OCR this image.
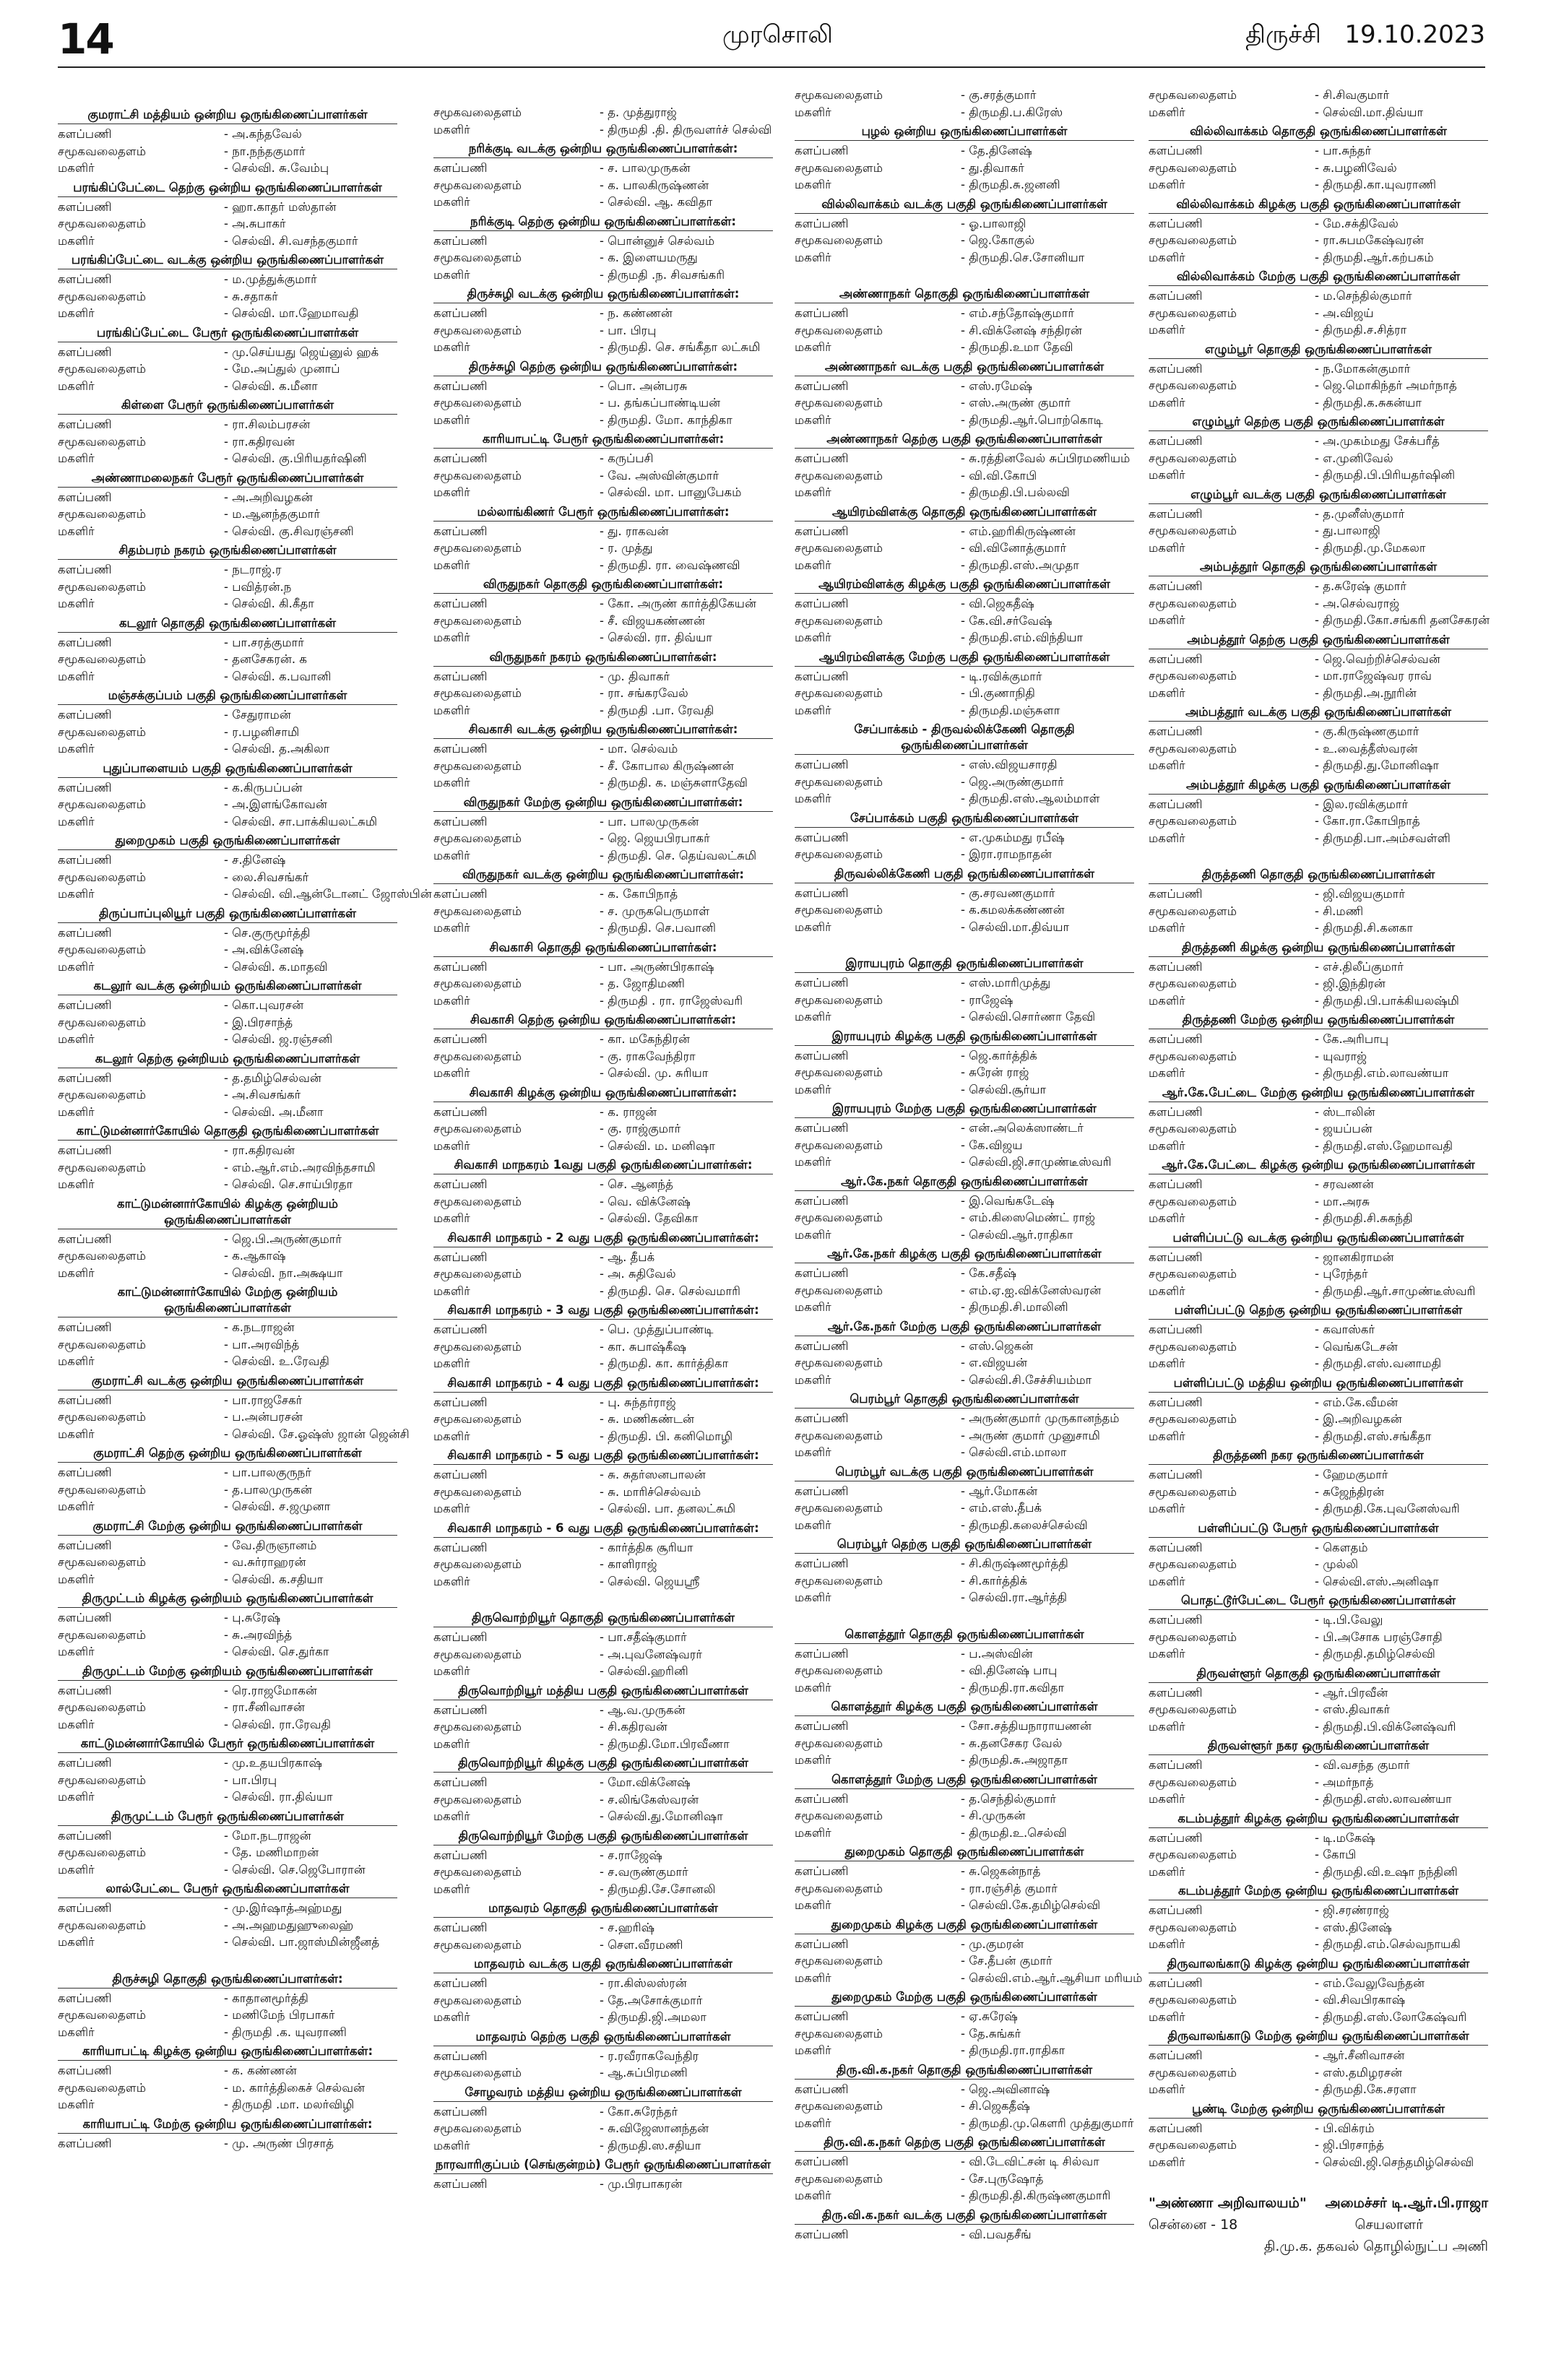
14	முரசொலி	திருச்சி 19.10.2023
குமராட்சி மத்தியம் ஒன்றிய ஒருங்கிணைப்பாளர்கள்
களப்பணி	- அ.கந்தவேல்
சமூகவலைதளம்	- நா.நந்தகுமார்
மகளிர்	- செல்வி. சு.வேம்பு
பரங்கிப்பேட்டை தெற்கு ஒன்றிய ஒருங்கிணைப்பாளர்கள்
களப்பணி	- ஹா.காதர் மஸ்தான்
சமூகவலைதளம்	- அ.சுபாகர்
மகளிர்	- செல்வி. சி.வசந்தகுமார்
பரங்கிப்பேட்டை வடக்கு ஒன்றிய ஒருங்கிணைப்பாளர்கள்
களப்பணி	- ம.முத்துக்குமார்
சமூகவலைதளம்	- சு.சதாகர்
மகளிர்	- செல்வி. மா.ஹேமாவதி
பரங்கிப்பேட்டை பேரூர் ஒருங்கிணைப்பாளர்கள்
களப்பணி	- மு.செய்யது ஜெய்னுல் ஹக்
சமூகவலைதளம்	- மே.அப்துல் முனாப்
மகளிர்	- செல்வி. க.மீனா
கிள்ளை பேரூர் ஒருங்கிணைப்பாளர்கள்
களப்பணி	- ரா.சிலம்பரசன்
சமூகவலைதளம்	- ரா.கதிரவன்
மகளிர்	- செல்வி. கு.பிரியதர்ஷினி
அண்ணாமலைநகர் பேரூர் ஒருங்கிணைப்பாளர்கள்
களப்பணி	- அ.அறிவழகன்
சமூகவலைதளம்	- ம.ஆனந்தகுமார்
மகளிர்	- செல்வி. கு.சிவரஞ்சனி
சிதம்பரம் நகரம் ஒருங்கிணைப்பாளர்கள்
களப்பணி	- நடராஜ்.ர
சமூகவலைதளம்	- பவித்ரன்.ந
மகளிர்	- செல்வி. கி.கீதா
கடலூர் தொகுதி ஒருங்கிணைப்பாளர்கள்
களப்பணி	- பா.சரத்குமார்
சமூகவலைதளம்	- தனசேகரன். க
மகளிர்	- செல்வி. க.பவானி
மஞ்சக்குப்பம் பகுதி ஒருங்கிணைப்பாளர்கள்
களப்பணி	- சேதுராமன்
சமூகவலைதளம்	- ர.பழனிசாமி
மகளிர்	- செல்வி. த.அகிலா
புதுப்பாளையம் பகுதி ஒருங்கிணைப்பாளர்கள்
களப்பணி	- க.கிருபப்பன்
சமூகவலைதளம்	- அ.இளங்கோவன்
மகளிர்	- செல்வி. சா.பாக்கியலட்சுமி
துறைமுகம் பகுதி ஒருங்கிணைப்பாளர்கள்
களப்பணி	- ச.தினேஷ்
சமூகவலைதளம்	- லை.சிவசங்கர்
மகளிர்	- செல்வி. வி.ஆன்டோனட் ஜோஸ்பின்
திருப்பாப்புலியூர் பகுதி ஒருங்கிணைப்பாளர்கள்
களப்பணி	- செ.குருமூர்த்தி
சமூகவலைதளம்	- அ.விக்னேஷ்
மகளிர்	- செல்வி. க.மாதவி
கடலூர் வடக்கு ஒன்றியம் ஒருங்கிணைப்பாளர்கள்
களப்பணி	- கொ.புவரசன்
சமூகவலைதளம்	- இ.பிரசாந்த்
மகளிர்	- செல்வி. ஜ.ரஞ்சனி
கடலூர் தெற்கு ஒன்றியம் ஒருங்கிணைப்பாளர்கள்
களப்பணி	- த.தமிழ்செல்வன்
சமூகவலைதளம்	- அ.சிவசங்கர்
மகளிர்	- செல்வி. அ.மீனா
காட்டுமன்னார்கோயில் தொகுதி ஒருங்கிணைப்பாளர்கள்
களப்பணி	- ரா.கதிரவன்
சமூகவலைதளம்	- எம்.ஆர்.எம்.அரவிந்தசாமி
மகளிர்	- செல்வி. செ.சாய்பிரதா
காட்டுமன்னார்கோயில் கிழக்கு ஒன்றியம் ஒருங்கிணைப்பாளர்கள்
களப்பணி	- ஜெ.பி.அருண்குமார்
சமூகவலைதளம்	- க.ஆகாஷ்
மகளிர்	- செல்வி. நா.அக்ஷயா
காட்டுமன்னார்கோயில் மேற்கு ஒன்றியம் ஒருங்கிணைப்பாளர்கள்
களப்பணி	- க.நடராஜன்
சமூகவலைதளம்	- பா.அரவிந்த்
மகளிர்	- செல்வி. உ.ரேவதி
குமராட்சி வடக்கு ஒன்றிய ஒருங்கிணைப்பாளர்கள்
களப்பணி	- பா.ராஜசேகர்
சமூகவலைதளம்	- ப.அன்பரசன்
மகளிர்	- செல்வி. சே.ஓஷ்ஸ் ஜான் ஜென்சி
குமராட்சி தெற்கு ஒன்றிய ஒருங்கிணைப்பாளர்கள்
களப்பணி	- பா.பாலகுருநர்
சமூகவலைதளம்	- த.பாலமுருகன்
மகளிர்	- செல்வி. ச.ஜமுனா
குமராட்சி மேற்கு ஒன்றிய ஒருங்கிணைப்பாளர்கள்
களப்பணி	- வே.திருஞானம்
சமூகவலைதளம்	- வ.சுர்ராஹரன்
மகளிர்	- செல்வி. க.சதியா
திருமுட்டம் கிழக்கு ஒன்றியம் ஒருங்கிணைப்பாளர்கள்
களப்பணி	- பு.சுரேஷ்
சமூகவலைதளம்	- சு.அரவிந்த்
மகளிர்	- செல்வி. செ.துர்கா
திருமுட்டம் மேற்கு ஒன்றியம் ஒருங்கிணைப்பாளர்கள்
களப்பணி	- ரெ.ராஜமோகன்
சமூகவலைதளம்	- ரா.சீனிவாசன்
மகளிர்	- செல்வி. ரா.ரேவதி
காட்டுமன்னார்கோயில் பேரூர் ஒருங்கிணைப்பாளர்கள்
களப்பணி	- மு.உதயபிரகாஷ்
சமூகவலைதளம்	- பா.பிரபு
மகளிர்	- செல்வி. ரா.திவ்யா
திருமுட்டம் பேரூர் ஒருங்கிணைப்பாளர்கள்
களப்பணி	- மோ.நடராஜன்
சமூகவலைதளம்	- தே. மணிமாறன்
மகளிர்	- செல்வி. செ.ஜெபோரான்
லால்பேட்டை பேரூர் ஒருங்கிணைப்பாளர்கள்
களப்பணி	- மு.இர்ஷாத்அஹ்மது
சமூகவலைதளம்	- அ.அஹமதுஹுலைஹ்
மகளிர்	- செல்வி. பா.ஜாஸ்மின்ஜீனத்
திருச்சுழி தொகுதி ஒருங்கிணைப்பாளர்கள்:
களப்பணி	- காதானமூர்த்தி
சமூகவலைதளம்	- மணிமேந் பிரபாகர்
மகளிர்	- திருமதி .க. யுவராணி
காரியாபட்டி கிழக்கு ஒன்றிய ஒருங்கிணைப்பாளர்கள்:
களப்பணி	- க. கண்ணன்
சமூகவலைதளம்	- ம. கார்த்திகைச் செல்வன்
மகளிர்	- திருமதி .மா. மலர்விழி
காரியாபட்டி மேற்கு ஒன்றிய ஒருங்கிணைப்பாளர்கள்:
களப்பணி	- மு. அருண் பிரசாத்
சமூகவலைதளம்	- த. முத்துராஜ்
மகளிர்	- திருமதி .தி. திருவளர்ச் செல்வி
நரிக்குடி வடக்கு ஒன்றிய ஒருங்கிணைப்பாளர்கள்:
களப்பணி	- ச. பாலமுருகன்
சமூகவலைதளம்	- க. பாலகிருஷ்ணன்
மகளிர்	- செல்வி. ஆ. கவிதா
நரிக்குடி தெற்கு ஒன்றிய ஒருங்கிணைப்பாளர்கள்:
களப்பணி	- பொன்னுச் செல்வம்
சமூகவலைதளம்	- க. இளையமருது
மகளிர்	- திருமதி .ந. சிவசங்கரி
திருச்சுழி வடக்கு ஒன்றிய ஒருங்கிணைப்பாளர்கள்:
களப்பணி	- ந. கண்ணன்
சமூகவலைதளம்	- பா. பிரபு
மகளிர்	- திருமதி. செ. சங்கீதா லட்சுமி
திருச்சுழி தெற்கு ஒன்றிய ஒருங்கிணைப்பாளர்கள்:
களப்பணி	- பொ. அன்பரசு
சமூகவலைதளம்	- ப. தங்கப்பாண்டியன்
மகளிர்	- திருமதி. மோ. காந்திகா
காரியாபட்டி பேரூர் ஒருங்கிணைப்பாளர்கள்:
களப்பணி	- கருப்பசி
சமூகவலைதளம்	- வே. அஸ்வின்குமார்
மகளிர்	- செல்வி. மா. பானுபேகம்
மல்லாங்கிணர் பேரூர் ஒருங்கிணைப்பாளர்கள்:
களப்பணி	- து. ராகவன்
சமூகவலைதளம்	- ர. முத்து
மகளிர்	- திருமதி. ரா. வைஷ்ணவி
விருதுநகர் தொகுதி ஒருங்கிணைப்பாளர்கள்:
களப்பணி	- கோ. அருண் கார்த்திகேயன்
சமூகவலைதளம்	- சீ. விஜயகண்ணன்
மகளிர்	- செல்வி. ரா. திவ்யா
விருதுநகர் நகரம் ஒருங்கிணைப்பாளர்கள்:
களப்பணி	- மு. திவாகர்
சமூகவலைதளம்	- ரா. சங்கரவேல்
மகளிர்	- திருமதி .பா. ரேவதி
சிவகாசி வடக்கு ஒன்றிய ஒருங்கிணைப்பாளர்கள்:
களப்பணி	- மா. செல்வம்
சமூகவலைதளம்	- சீ. கோபால கிருஷ்ணன்
மகளிர்	- திருமதி. க. மஞ்சுளாதேவி
விருதுநகர் மேற்கு ஒன்றிய ஒருங்கிணைப்பாளர்கள்:
களப்பணி	- பா. பாலமுருகன்
சமூகவலைதளம்	- ஜெ. ஜெயபிரபாகர்
மகளிர்	- திருமதி. செ. தெய்வலட்சுமி
விருதுநகர் வடக்கு ஒன்றிய ஒருங்கிணைப்பாளர்கள்:
களப்பணி	- க. கோபிநாத்
சமூகவலைதளம்	- ச. முருகபெருமாள்
மகளிர்	- திருமதி. செ.பவானி
சிவகாசி தொகுதி ஒருங்கிணைப்பாளர்கள்:
களப்பணி	- பா. அருண்பிரகாஷ்
சமூகவலைதளம்	- த. ஜோதிமணி
மகளிர்	- திருமதி . ரா. ராஜேஸ்வரி
சிவகாசி தெற்கு ஒன்றிய ஒருங்கிணைப்பாளர்கள்:
களப்பணி	- கா. மகேந்திரன்
சமூகவலைதளம்	- கு. ராகவேந்திரா
மகளிர்	- செல்வி. மு. சுரியா
சிவகாசி கிழக்கு ஒன்றிய ஒருங்கிணைப்பாளர்கள்:
களப்பணி	- க. ராஜன்
சமூகவலைதளம்	- கு. ராஜ்குமார்
மகளிர்	- செல்வி. ம. மனிஷா
சிவகாசி மாநகரம் 1வது பகுதி ஒருங்கிணைப்பாளர்கள்:
களப்பணி	- செ. ஆனந்த்
சமூகவலைதளம்	- வெ. விக்னேஷ்
மகளிர்	- செல்வி. தேவிகா
சிவகாசி மாநகரம் - 2 வது பகுதி ஒருங்கிணைப்பாளர்கள்:
களப்பணி	- ஆ. தீபக்
சமூகவலைதளம்	- அ. சுதிவேல்
மகளிர்	- திருமதி. செ. செல்வமாரி
சிவகாசி மாநகரம் - 3 வது பகுதி ஒருங்கிணைப்பாளர்கள்:
களப்பணி	- பெ. முத்துப்பாண்டி
சமூகவலைதளம்	- கா. சுபாஷ்கீஷ
மகளிர்	- திருமதி. கா. கார்த்திகா
சிவகாசி மாநகரம் - 4 வது பகுதி ஒருங்கிணைப்பாளர்கள்:
களப்பணி	- பு. சுந்தர்ராஜ்
சமூகவலைதளம்	- சு. மணிகண்டன்
மகளிர்	- திருமதி. பி. கனிமொழி
சிவகாசி மாநகரம் - 5 வது பகுதி ஒருங்கிணைப்பாளர்கள்:
களப்பணி	- சு. சுதர்ஸனபாலன்
சமூகவலைதளம்	- சு. மாரிச்செல்வம்
மகளிர்	- செல்வி. பா. தனலட்சுமி
சிவகாசி மாநகரம் - 6 வது பகுதி ஒருங்கிணைப்பாளர்கள்:
களப்பணி	- கார்த்திக சூரியா
சமூகவலைதளம்	- காளிராஜ்
மகளிர்	- செல்வி. ஜெயஸ்ரீ
திருவொற்றியூர் தொகுதி ஒருங்கிணைப்பாளர்கள்
களப்பணி	- பா.சதீஷ்குமார்
சமூகவலைதளம்	- அ.புவனேஷ்வரர்
மகளிர்	- செல்வி.ஹரினி
திருவொற்றியூர் மத்திய பகுதி ஒருங்கிணைப்பாளர்கள்
களப்பணி	- ஆ.வ.முருகன்
சமூகவலைதளம்	- சி.கதிரவன்
மகளிர்	- திருமதி.மோ.பிரவீணா
திருவொற்றியூர் கிழக்கு பகுதி ஒருங்கிணைப்பாளர்கள்
களப்பணி	- மோ.விக்னேஷ்
சமூகவலைதளம்	- ச.லிங்கேஸ்வரன்
மகளிர்	- செல்வி.து.மோனிஷா
திருவொற்றியூர் மேற்கு பகுதி ஒருங்கிணைப்பாளர்கள்
களப்பணி	- ச.ராஜேஷ்
சமூகவலைதளம்	- ச.வருண்குமார்
மகளிர்	- திருமதி.சே.சோனலி
மாதவரம் தொகுதி ஒருங்கிணைப்பாளர்கள்
களப்பணி	- ச.ஹரிஷ்
சமூகவலைதளம்	- செள.வீரமணி
மாதவரம் வடக்கு பகுதி ஒருங்கிணைப்பாளர்கள்
களப்பணி	- ரா.கிஸ்லஸ்ரன்
சமூகவலைதளம்	- தே.அசோக்குமார்
மகளிர்	- திருமதி.ஜி.அமலா
மாதவரம் தெற்கு பகுதி ஒருங்கிணைப்பாளர்கள்
களப்பணி	- ர.ரவீராகவேந்திர
சமூகவலைதளம்	- ஆ.சுப்பிரமணி
சோழவரம் மத்திய ஒன்றிய ஒருங்கிணைப்பாளர்கள்
களப்பணி	- கோ.சுரேந்தர்
சமூகவலைதளம்	- சு.விஜேஸானந்தன்
மகளிர்	- திருமதி.ஸ.சதியா
நாரவாரிகுப்பம் (செங்குன்றம்) பேரூர் ஒருங்கிணைப்பாளர்கள்
களப்பணி	- மு.பிரபாகரன்
சமூகவலைதளம்	- கு.சரத்குமார்
மகளிர்	- திருமதி.ப.கிரேஸ்
புழல் ஒன்றிய ஒருங்கிணைப்பாளர்கள்
களப்பணி	- தே.தினேஷ்
சமூகவலைதளம்	- து.திவாகர்
மகளிர்	- திருமதி.சு.ஜனனி
வில்லிவாக்கம் வடக்கு பகுதி ஒருங்கிணைப்பாளர்கள்
களப்பணி	- ஓ.பாலாஜி
சமூகவலைதளம்	- ஜெ.கோகுல்
மகளிர்	- திருமதி.செ.சோனியா
அண்ணாநகர் தொகுதி ஒருங்கிணைப்பாளர்கள்
களப்பணி	- எம்.சந்தோஷ்குமார்
சமூகவலைதளம்	- சி.விக்னேஷ் சந்திரன்
மகளிர்	- திருமதி.உமா தேவி
அண்ணாநகர் வடக்கு பகுதி ஒருங்கிணைப்பாளர்கள்
களப்பணி	- எஸ்.ரமேஷ்
சமூகவலைதளம்	- எஸ்.அருண் குமார்
மகளிர்	- திருமதி.ஆர்.பொற்கொடி
அண்ணாநகர் தெற்கு பகுதி ஒருங்கிணைப்பாளர்கள்
களப்பணி	- சு.ரத்தினவேல் சுப்பிரமணியம்
சமூகவலைதளம்	- வி.வி.கோபி
மகளிர்	- திருமதி.பி.பல்லவி
ஆயிரம்விளக்கு தொகுதி ஒருங்கிணைப்பாளர்கள்
களப்பணி	- எம்.ஹரிகிருஷ்ணன்
சமூகவலைதளம்	- வி.வினோத்குமார்
மகளிர்	- திருமதி.எஸ்.அமுதா
ஆயிரம்விளக்கு கிழக்கு பகுதி ஒருங்கிணைப்பாளர்கள்
களப்பணி	- வி.ஜெகதீஷ்
சமூகவலைதளம்	- கே.வி.சர்வேஷ்
மகளிர்	- திருமதி.எம்.விந்தியா
ஆயிரம்விளக்கு மேற்கு பகுதி ஒருங்கிணைப்பாளர்கள்
களப்பணி	- டி.ரவிக்குமார்
சமூகவலைதளம்	- பி.குணாநிதி
மகளிர்	- திருமதி.மஞ்சுளா
சேப்பாக்கம் - திருவல்லிக்கேணி தொகுதி ஒருங்கிணைப்பாளர்கள்
களப்பணி	- எஸ்.விஜயசாரதி
சமூகவலைதளம்	- ஜெ.அருண்குமார்
மகளிர்	- திருமதி.எஸ்.ஆலம்மாள்
சேப்பாக்கம் பகுதி ஒருங்கிணைப்பாளர்கள்
களப்பணி	- எ.முகம்மது ரபீஷ்
சமூகவலைதளம்	- இரா.ராமநாதன்
திருவல்லிக்கேணி பகுதி ஒருங்கிணைப்பாளர்கள்
களப்பணி	- கு.சரவணகுமார்
சமூகவலைதளம்	- க.கமலக்கண்ணன்
மகளிர்	- செல்வி.மா.திவ்யா
இராயபுரம் தொகுதி ஒருங்கிணைப்பாளர்கள்
களப்பணி	- எஸ்.மாரிமுத்து
சமூகவலைதளம்	- ராஜேஷ்
மகளிர்	- செல்வி.சொர்ணா தேவி
இராயபுரம் கிழக்கு பகுதி ஒருங்கிணைப்பாளர்கள்
களப்பணி	- ஜெ.கார்த்திக்
சமூகவலைதளம்	- சுரேன் ராஜ்
மகளிர்	- செல்வி.சூர்யா
இராயபுரம் மேற்கு பகுதி ஒருங்கிணைப்பாளர்கள்
களப்பணி	- என்.அலெக்ஸாண்டர்
சமூகவலைதளம்	- கே.விஜய
மகளிர்	- செல்வி.ஜி.சாமுண்டீஸ்வரி
ஆர்.கே.நகர் தொகுதி ஒருங்கிணைப்பாளர்கள்
களப்பணி	- இ.வெங்கடேஷ்
சமூகவலைதளம்	- எம்.கிஸைமெண்ட் ராஜ்
மகளிர்	- செல்வி.ஆர்.ராதிகா
ஆர்.கே.நகர் கிழக்கு பகுதி ஒருங்கிணைப்பாளர்கள்
களப்பணி	- கே.சதீஷ்
சமூகவலைதளம்	- எம்.ஏ.ஐ.விக்னேஸ்வரன்
மகளிர்	- திருமதி.சி.மாலினி
ஆர்.கே.நகர் மேற்கு பகுதி ஒருங்கிணைப்பாளர்கள்
களப்பணி	- எஸ்.ஜெகன்
சமூகவலைதளம்	- எ.விஜயன்
மகளிர்	- செல்வி.சி.சேச்சியம்மா
பெரம்பூர் தொகுதி ஒருங்கிணைப்பாளர்கள்
களப்பணி	- அருண்குமார் முருகானந்தம்
சமூகவலைதளம்	- அருண் குமார் முனுசாமி
மகளிர்	- செல்வி.எம்.மாலா
பெரம்பூர் வடக்கு பகுதி ஒருங்கிணைப்பாளர்கள்
களப்பணி	- ஆர்.மோகன்
சமூகவலைதளம்	- எம்.எஸ்.தீபக்
மகளிர்	- திருமதி.கலைச்செல்வி
பெரம்பூர் தெற்கு பகுதி ஒருங்கிணைப்பாளர்கள்
களப்பணி	- சி.கிருஷ்ணமூர்த்தி
சமூகவலைதளம்	- சி.கார்த்திக்
மகளிர்	- செல்வி.ரா.ஆர்த்தி
கொளத்தூர் தொகுதி ஒருங்கிணைப்பாளர்கள்
களப்பணி	- ப.அஸ்வின்
சமூகவலைதளம்	- வி.தினேஷ் பாபு
மகளிர்	- திருமதி.ரா.கவிதா
கொளத்தூர் கிழக்கு பகுதி ஒருங்கிணைப்பாளர்கள்
களப்பணி	- சோ.சத்தியநாராயணன்
சமூகவலைதளம்	- சு.தனசேகர வேல்
மகளிர்	- திருமதி.சு.அஜாதா
கொளத்தூர் மேற்கு பகுதி ஒருங்கிணைப்பாளர்கள்
களப்பணி	- த.செந்தில்குமார்
சமூகவலைதளம்	- சி.முருகன்
மகளிர்	- திருமதி.உ.செல்வி
துறைமுகம் தொகுதி ஒருங்கிணைப்பாளர்கள்
களப்பணி	- சு.ஜெகன்நாத்
சமூகவலைதளம்	- ரா.ரஞ்சித் குமார்
மகளிர்	- செல்வி.கே.தமிழ்செல்வி
துறைமுகம் கிழக்கு பகுதி ஒருங்கிணைப்பாளர்கள்
களப்பணி	- மு.குமரன்
சமூகவலைதளம்	- சே.தீபன் குமார்
மகளிர்	- செல்வி.எம்.ஆர்.ஆசியா மரியம்
துறைமுகம் மேற்கு பகுதி ஒருங்கிணைப்பாளர்கள்
களப்பணி	- ஏ.சுரேஷ்
சமூகவலைதளம்	- தே.சுங்கர்
மகளிர்	- திருமதி.ரா.ராதிகா
திரு.வி.க.நகர் தொகுதி ஒருங்கிணைப்பாளர்கள்
களப்பணி	- ஜெ.அவினாஷ்
சமூகவலைதளம்	- சி.ஜெகதீஷ்
மகளிர்	- திருமதி.மு.கௌரி முத்துகுமார்
திரு.வி.க.நகர் தெற்கு பகுதி ஒருங்கிணைப்பாளர்கள்
களப்பணி	- வி.டேவிட்சன் டி சில்வா
சமூகவலைதளம்	- சே.புருஷோத்
மகளிர்	- திருமதி.தி.கிருஷ்ணகுமாரி
திரு.வி.க.நகர் வடக்கு பகுதி ஒருங்கிணைப்பாளர்கள்
களப்பணி	- வி.பவதசீங்
சமூகவலைதளம்	- சி.சிவகுமார்
மகளிர்	- செல்வி.மா.திவ்யா
வில்லிவாக்கம் தொகுதி ஒருங்கிணைப்பாளர்கள்
களப்பணி	- பா.சுந்தர்
சமூகவலைதளம்	- சு.பழனிவேல்
மகளிர்	- திருமதி.கா.யுவராணி
வில்லிவாக்கம் கிழக்கு பகுதி ஒருங்கிணைப்பாளர்கள்
களப்பணி	- மே.சக்திவேல்
சமூகவலைதளம்	- ரா.சுபமகேஷ்வரன்
மகளிர்	- திருமதி.ஆர்.கற்பகம்
வில்லிவாக்கம் மேற்கு பகுதி ஒருங்கிணைப்பாளர்கள்
களப்பணி	- ம.செந்தில்குமார்
சமூகவலைதளம்	- அ.விஜய்
மகளிர்	- திருமதி.ச.சித்ரா
எழும்பூர் தொகுதி ஒருங்கிணைப்பாளர்கள்
களப்பணி	- ந.மோகன்குமார்
சமூகவலைதளம்	- ஜெ.மொகிந்தர் அமர்நாத்
மகளிர்	- திருமதி.க.சுகன்யா
எழும்பூர் தெற்கு பகுதி ஒருங்கிணைப்பாளர்கள்
களப்பணி	- அ.முகம்மது சேக்பரீத்
சமூகவலைதளம்	- எ.முனிவேல்
மகளிர்	- திருமதி.பி.பிரியதர்ஷினி
எழும்பூர் வடக்கு பகுதி ஒருங்கிணைப்பாளர்கள்
களப்பணி	- த.முனீஸ்குமார்
சமூகவலைதளம்	- து.பாலாஜி
மகளிர்	- திருமதி.மு.மேகலா
அம்பத்தூர் தொகுதி ஒருங்கிணைப்பாளர்கள்
களப்பணி	- த.சுரேஷ் குமார்
சமூகவலைதளம்	- அ.செல்வராஜ்
மகளிர்	- திருமதி.கோ.சங்கரி தனசேகரன்
அம்பத்தூர் தெற்கு பகுதி ஒருங்கிணைப்பாளர்கள்
களப்பணி	- ஜெ.வெற்றிச்செல்வன்
சமூகவலைதளம்	- மா.ராஜேஷ்வர ராவ்
மகளிர்	- திருமதி.அ.நூரின்
அம்பத்தூர் வடக்கு பகுதி ஒருங்கிணைப்பாளர்கள்
களப்பணி	- கு.கிருஷ்ணகுமார்
சமூகவலைதளம்	- உ.வைத்தீஸ்வரன்
மகளிர்	- திருமதி.து.மோனிஷா
அம்பத்தூர் கிழக்கு பகுதி ஒருங்கிணைப்பாளர்கள்
களப்பணி	- இல.ரவிக்குமார்
சமூகவலைதளம்	- கோ.ரா.கோபிநாத்
மகளிர்	- திருமதி.பா.அம்சவள்ளி
திருத்தணி தொகுதி ஒருங்கிணைப்பாளர்கள்
களப்பணி	- ஜி.விஜயகுமார்
சமூகவலைதளம்	- சி.மணி
மகளிர்	- திருமதி.சி.கனகா
திருத்தணி கிழக்கு ஒன்றிய ஒருங்கிணைப்பாளர்கள்
களப்பணி	- எச்.திலீப்குமார்
சமூகவலைதளம்	- ஜி.இந்திரன்
மகளிர்	- திருமதி.பி.பாக்கியலஷ்மி
திருத்தணி மேற்கு ஒன்றிய ஒருங்கிணைப்பாளர்கள்
களப்பணி	- கே.அரிபாபு
சமூகவலைதளம்	- யுவராஜ்
மகளிர்	- திருமதி.எம்.லாவண்யா
ஆர்.கே.பேட்டை மேற்கு ஒன்றிய ஒருங்கிணைப்பாளர்கள்
களப்பணி	- ஸ்டாலின்
சமூகவலைதளம்	- ஜயப்பன்
மகளிர்	- திருமதி.எஸ்.ஹேமாவதி
ஆர்.கே.பேட்டை கிழக்கு ஒன்றிய ஒருங்கிணைப்பாளர்கள்
களப்பணி	- சரவணன்
சமூகவலைதளம்	- மா.அரசு
மகளிர்	- திருமதி.சி.சுகந்தி
பள்ளிப்பட்டு வடக்கு ஒன்றிய ஒருங்கிணைப்பாளர்கள்
களப்பணி	- ஜானகிராமன்
சமூகவலைதளம்	- புரேந்தர்
மகளிர்	- திருமதி.ஆர்.சாமுண்டீஸ்வரி
பள்ளிப்பட்டு தெற்கு ஒன்றிய ஒருங்கிணைப்பாளர்கள்
களப்பணி	- கவாஸ்கர்
சமூகவலைதளம்	- வெங்கடேசன்
மகளிர்	- திருமதி.எஸ்.வனாமதி
பள்ளிப்பட்டு மத்திய ஒன்றிய ஒருங்கிணைப்பாளர்கள்
களப்பணி	- எம்.கே.வீமன்
சமூகவலைதளம்	- இ.அறிவழகன்
மகளிர்	- திருமதி.எஸ்.சங்கீதா
திருத்தணி நகர ஒருங்கிணைப்பாளர்கள்
களப்பணி	- ஹேமகுமார்
சமூகவலைதளம்	- சுஜேந்திரன்
மகளிர்	- திருமதி.கே.புவனேஸ்வரி
பள்ளிப்பட்டு பேரூர் ஒருங்கிணைப்பாளர்கள்
களப்பணி	- கௌதம்
சமூகவலைதளம்	- முல்லி
மகளிர்	- செல்வி.எஸ்.அனிஷா
பொதட்டூர்பேட்டை பேரூர் ஒருங்கிணைப்பாளர்கள்
களப்பணி	- டி.பி.வேலு
சமூகவலைதளம்	- பி.அசோக பரஞ்சோதி
மகளிர்	- திருமதி.தமிழ்செல்வி
திருவள்ளூர் தொகுதி ஒருங்கிணைப்பாளர்கள்
களப்பணி	- ஆர்.பிரவீன்
சமூகவலைதளம்	- எஸ்.திவாகர்
மகளிர்	- திருமதி.பி.விக்னேஷ்வரி
திருவள்ளூர் நகர ஒருங்கிணைப்பாளர்கள்
களப்பணி	- வி.வசந்த குமார்
சமூகவலைதளம்	- அமர்நாத்
மகளிர்	- திருமதி.எஸ்.லாவண்யா
கடம்பத்தூர் கிழக்கு ஒன்றிய ஒருங்கிணைப்பாளர்கள்
களப்பணி	- டி.மகேஷ்
சமூகவலைதளம்	- கோபி
மகளிர்	- திருமதி.வி.உஷா நந்தினி
கடம்பத்தூர் மேற்கு ஒன்றிய ஒருங்கிணைப்பாளர்கள்
களப்பணி	- ஜி.சரண்ராஜ்
சமூகவலைதளம்	- எஸ்.தினேஷ்
மகளிர்	- திருமதி.எம்.செல்வநாயகி
திருவாலங்காடு கிழக்கு ஒன்றிய ஒருங்கிணைப்பாளர்கள்
களப்பணி	- எம்.வேலுவேந்தன்
சமூகவலைதளம்	- வி.சிவபிரகாஷ்
மகளிர்	- திருமதி.எஸ்.லோகேஷ்வரி
திருவாலங்காடு மேற்கு ஒன்றிய ஒருங்கிணைப்பாளர்கள்
களப்பணி	- ஆர்.சீனிவாசன்
சமூகவலைதளம்	- எஸ்.தமிழரசன்
மகளிர்	- திருமதி.கே.சரளா
பூண்டி மேற்கு ஒன்றிய ஒருங்கிணைப்பாளர்கள்
களப்பணி	- பி.விக்ரம்
சமூகவலைதளம்	- ஜி.பிரசாந்த்
மகளிர்	- செல்வி.ஜி.செந்தமிழ்செல்வி
"அண்ணா அறிவாலயம்" அமைச்சர் டி.ஆர்.பி.ராஜா
சென்னை - 18	செயலாளர்
தி.மு.க. தகவல் தொழில்நுட்ப அணி
